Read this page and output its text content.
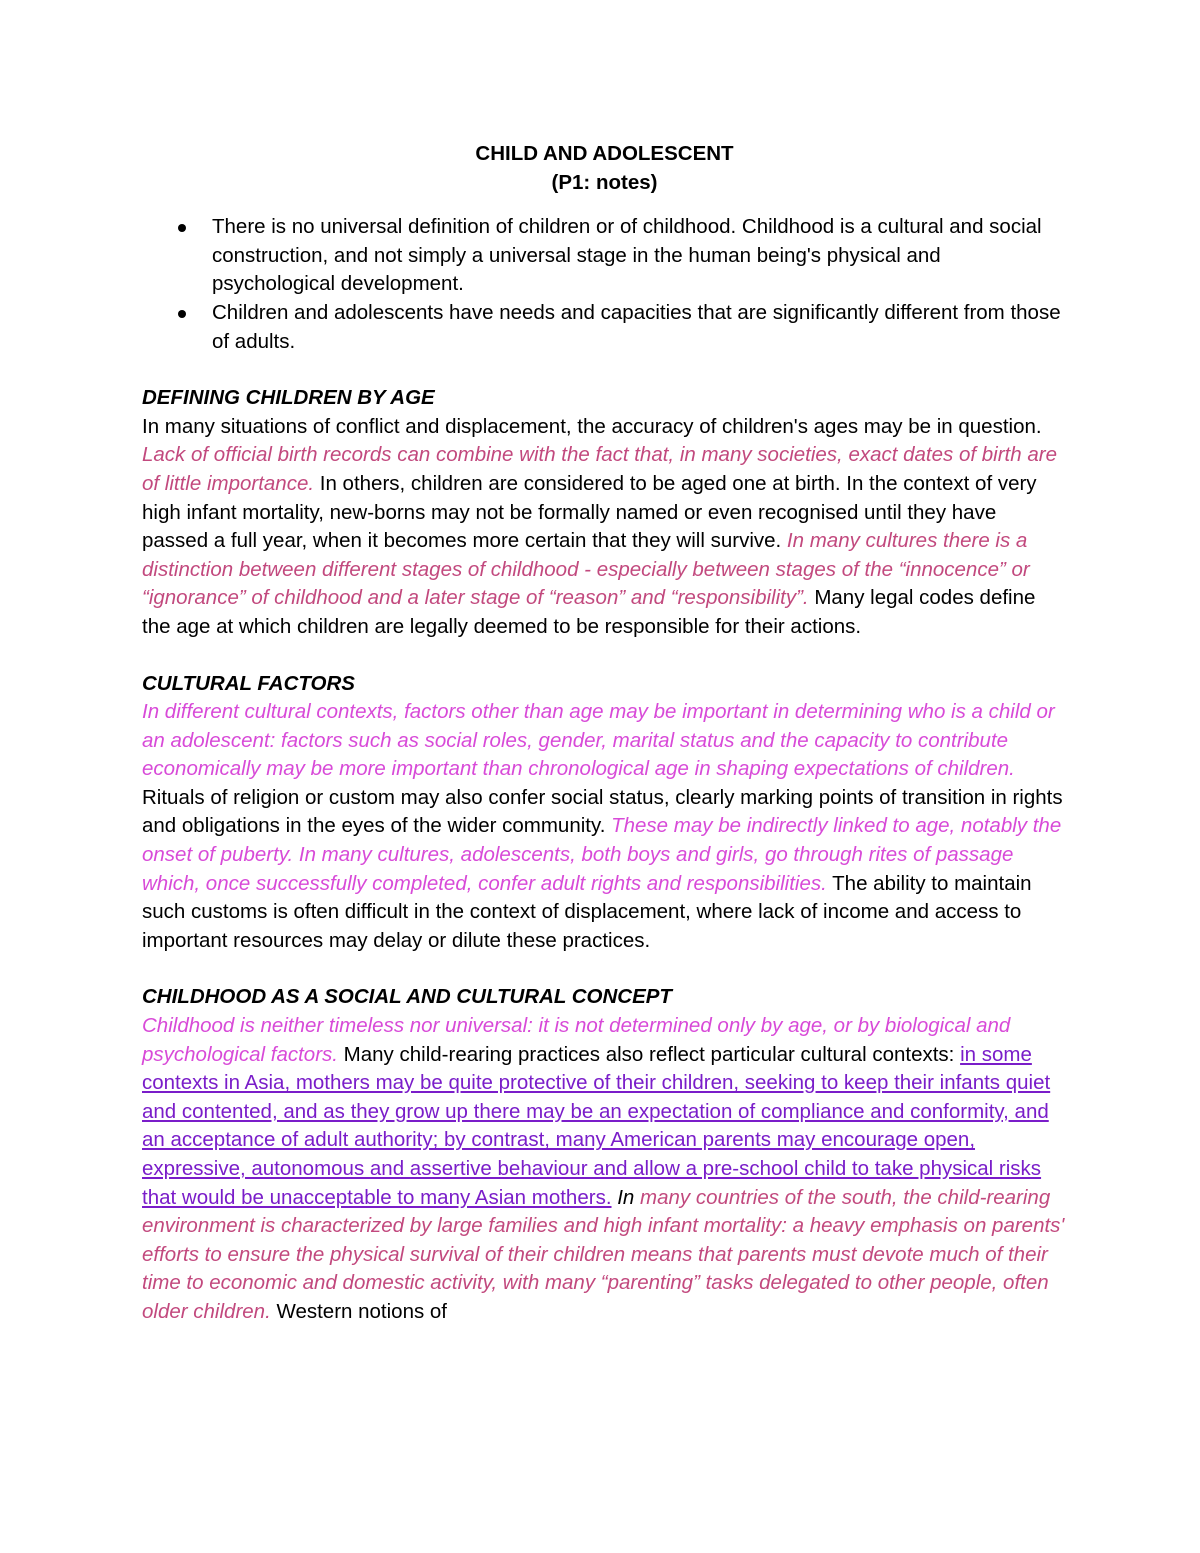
CHILD AND ADOLESCENT
(P1: notes)
There is no universal definition of children or of childhood. Childhood is a cultural and social construction, and not simply a universal stage in the human being's physical and psychological development.
Children and adolescents have needs and capacities that are significantly different from those of adults.
DEFINING CHILDREN BY AGE

In many situations of conflict and displacement, the accuracy of children's ages may be in question. Lack of official birth records can combine with the fact that, in many societies, exact dates of birth are of little importance. In others, children are considered to be aged one at birth. In the context of very high infant mortality, new-borns may not be formally named or even recognised until they have passed a full year, when it becomes more certain that they will survive. In many cultures there is a distinction between different stages of childhood - especially between stages of the “innocence” or “ignorance” of childhood and a later stage of “reason” and “responsibility”. Many legal codes define the age at which children are legally deemed to be responsible for their actions.

CULTURAL FACTORS

In different cultural contexts, factors other than age may be important in determining who is a child or an adolescent: factors such as social roles, gender, marital status and the capacity to contribute economically may be more important than chronological age in shaping expectations of children.

Rituals of religion or custom may also confer social status, clearly marking points of transition in rights and obligations in the eyes of the wider community. These may be indirectly linked to age, notably the onset of puberty. In many cultures, adolescents, both boys and girls, go through rites of passage which, once successfully completed, confer adult rights and responsibilities. The ability to maintain such customs is often difficult in the context of displacement, where lack of income and access to important resources may delay or dilute these practices.

CHILDHOOD AS A SOCIAL AND CULTURAL CONCEPT

Childhood is neither timeless nor universal: it is not determined only by age, or by biological and psychological factors. Many child-rearing practices also reflect particular cultural contexts: in some contexts in Asia, mothers may be quite protective of their children, seeking to keep their infants quiet and contented, and as they grow up there may be an expectation of compliance and conformity, and an acceptance of adult authority; by contrast, many American parents may encourage open, expressive, autonomous and assertive behaviour and allow a pre-school child to take physical risks that would be unacceptable to many Asian mothers. In many countries of the south, the child-rearing environment is characterized by large families and high infant mortality: a heavy emphasis on parents' efforts to ensure the physical survival of their children means that parents must devote much of their time to economic and domestic activity, with many “parenting” tasks delegated to other people, often older children. Western notions of
